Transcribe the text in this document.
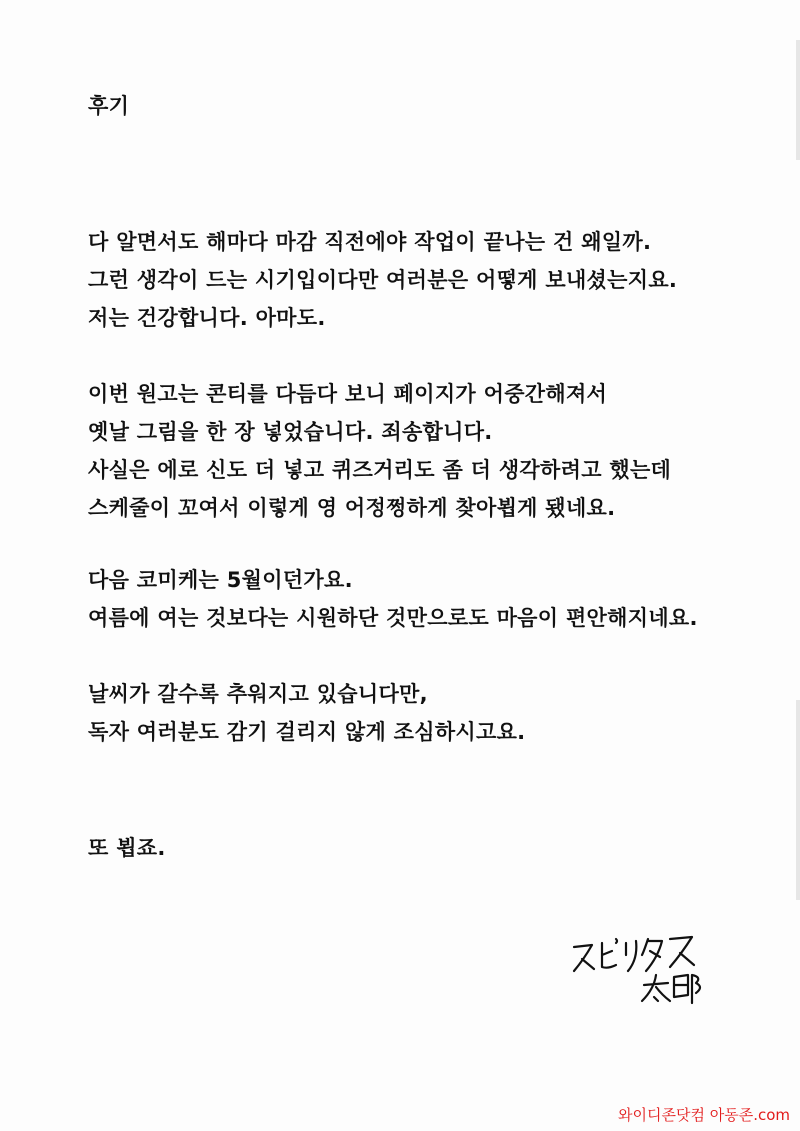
후기
다 알면서도 해마다 마감 직전에야 작업이 끝나는 건 왜일까.
그런 생각이 드는 시기입이다만 여러분은 어떻게 보내셨는지요.
저는 건강합니다. 아마도.
이번 원고는 콘티를 다듬다 보니 페이지가 어중간해져서
옛날 그림을 한 장 넣었습니다. 죄송합니다.
사실은 에로 신도 더 넣고 퀴즈거리도 좀 더 생각하려고 했는데
스케줄이 꼬여서 이렇게 영 어정쩡하게 찾아뵙게 됐네요.
다음 코미케는 5월이던가요.
여름에 여는 것보다는 시원하단 것만으로도 마음이 편안해지네요.
날씨가 갈수록 추워지고 있습니다만,
독자 여러분도 감기 걸리지 않게 조심하시고요.
또 뵙죠.
와이디존닷컴 아동존.com
